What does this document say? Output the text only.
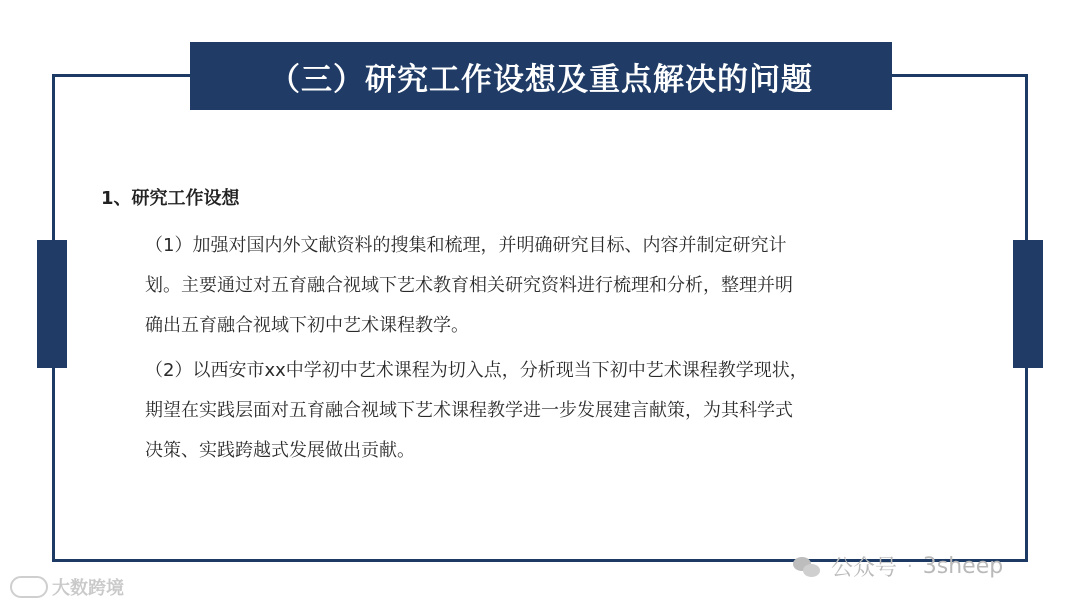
（三）研究工作设想及重点解决的问题
1、研究工作设想
（1）加强对国内外文献资料的搜集和梳理，并明确研究目标、内容并制定研究计
划。主要通过对五育融合视域下艺术教育相关研究资料进行梳理和分析，整理并明
确出五育融合视域下初中艺术课程教学。
（2）以西安市xx中学初中艺术课程为切入点，分析现当下初中艺术课程教学现状，
期望在实践层面对五育融合视域下艺术课程教学进一步发展建言献策，为其科学式
决策、实践跨越式发展做出贡献。
大数跨境
公众号 · 3sheep
